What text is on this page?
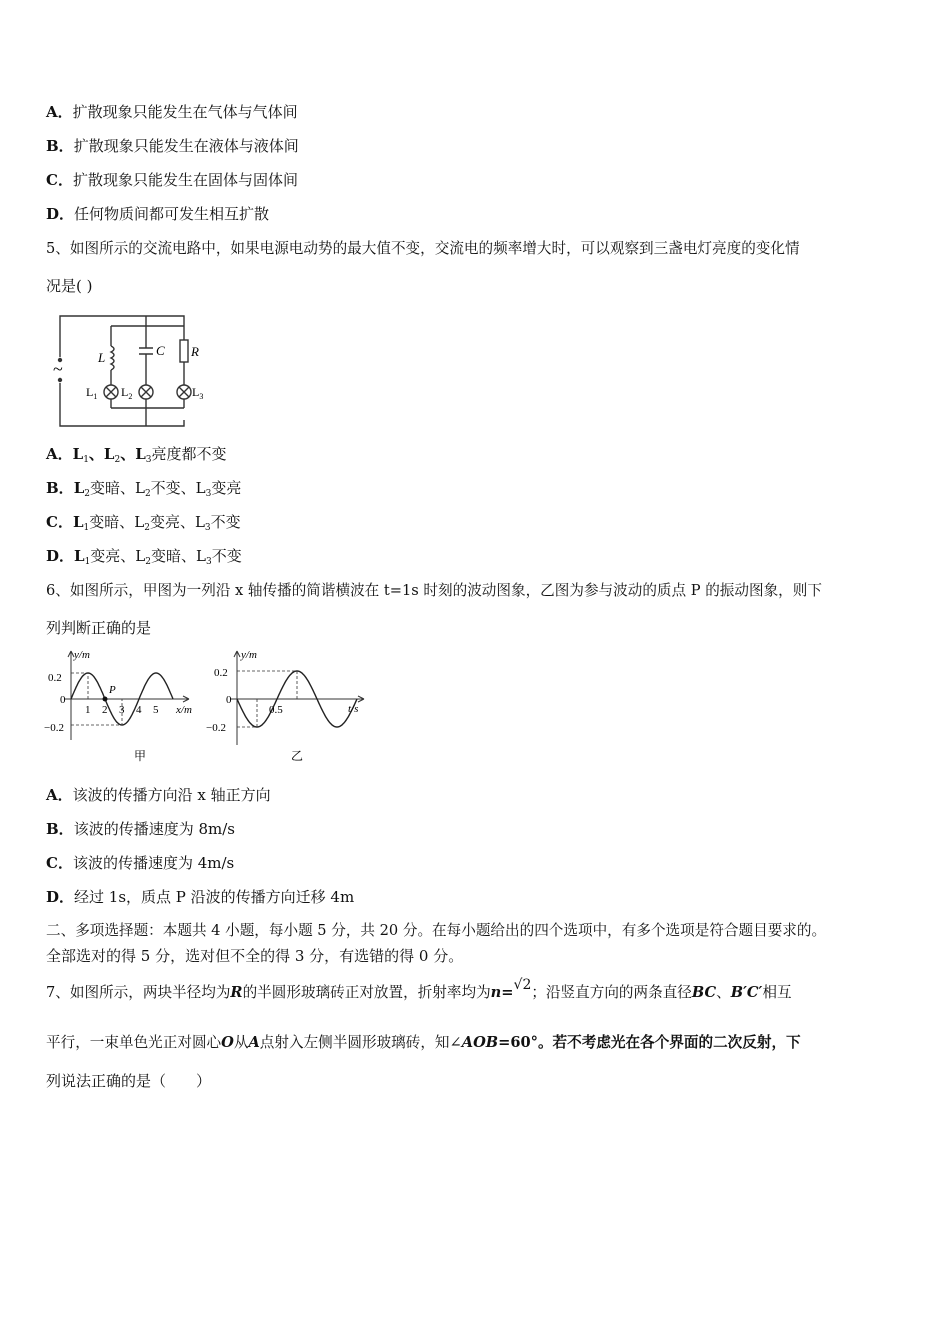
A．扩散现象只能发生在气体与气体间
B．扩散现象只能发生在液体与液体间
C．扩散现象只能发生在固体与固体间
D．任何物质间都可发生相互扩散
5、如图所示的交流电路中，如果电源电动势的最大值不变，交流电的频率增大时，可以观察到三盏电灯亮度的变化情
况是( )
~
L	C R
$L_1$ $L_2$	$L_3$
A．$L_1$、$L_2$、$L_3$亮度都不变
B．$L_2$变暗、$L_2$不变、$L_3$变亮
C．$L_1$变暗、$L_2$变亮、$L_3$不变
D．$L_1$变亮、$L_2$变暗、$L_3$不变
6、如图所示，甲图为一列沿 x 轴传播的简谐横波在 t=1s 时刻的波动图象，乙图为参与波动的质点 P 的振动图象，则下
列判断正确的是
y/m
0.2
0
−0.2
1 2 3 4 5 x/m
P
甲
y/m
0.2
0
−0.2
0.5	t/s
乙
A．该波的传播方向沿 x 轴正方向
B．该波的传播速度为 8m/s
C．该波的传播速度为 4m/s
D．经过 1s，质点 P 沿波的传播方向迁移 4m
二、多项选择题：本题共 4 小题，每小题 5 分，共 20 分。在每小题给出的四个选项中，有多个选项是符合题目要求的。
全部选对的得 5 分，选对但不全的得 3 分，有选错的得 0 分。
7、如图所示，两块半径均为R的半圆形玻璃砖正对放置，折射率均为n=√2；沿竖直方向的两条直径BC、B′C′相互
平行，一束单色光正对圆心O从A点射入左侧半圆形玻璃砖，知∠AOB=60°。若不考虑光在各个界面的二次反射，下
列说法正确的是（　　）
